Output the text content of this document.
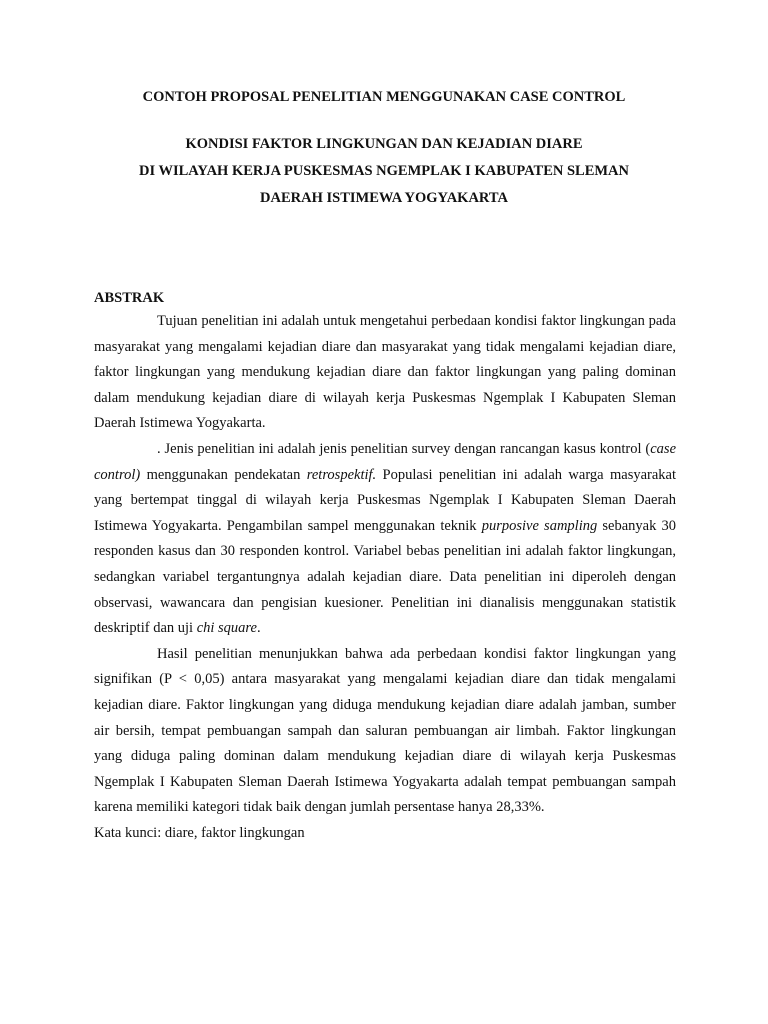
CONTOH PROPOSAL PENELITIAN MENGGUNAKAN CASE CONTROL
KONDISI FAKTOR LINGKUNGAN DAN KEJADIAN DIARE
DI WILAYAH KERJA PUSKESMAS NGEMPLAK I KABUPATEN SLEMAN
DAERAH ISTIMEWA YOGYAKARTA
ABSTRAK

Tujuan penelitian ini adalah untuk mengetahui perbedaan kondisi faktor lingkungan pada masyarakat yang mengalami kejadian diare dan masyarakat yang tidak mengalami kejadian diare, faktor lingkungan yang mendukung kejadian diare dan faktor lingkungan yang paling dominan dalam mendukung kejadian diare di wilayah kerja Puskesmas Ngemplak I Kabupaten Sleman Daerah Istimewa Yogyakarta.

. Jenis penelitian ini adalah jenis penelitian survey dengan rancangan kasus kontrol (case control) menggunakan pendekatan retrospektif. Populasi penelitian ini adalah warga masyarakat yang bertempat tinggal di wilayah kerja Puskesmas Ngemplak I Kabupaten Sleman Daerah Istimewa Yogyakarta. Pengambilan sampel menggunakan teknik purposive sampling sebanyak 30 responden kasus dan 30 responden kontrol. Variabel bebas penelitian ini adalah faktor lingkungan, sedangkan variabel tergantungnya adalah kejadian diare. Data penelitian ini diperoleh dengan observasi, wawancara dan pengisian kuesioner. Penelitian ini dianalisis menggunakan statistik deskriptif dan uji chi square.

Hasil penelitian menunjukkan bahwa ada perbedaan kondisi faktor lingkungan yang signifikan (P < 0,05) antara masyarakat yang mengalami kejadian diare dan tidak mengalami kejadian diare. Faktor lingkungan yang diduga mendukung kejadian diare adalah jamban, sumber air bersih, tempat pembuangan sampah dan saluran pembuangan air limbah. Faktor lingkungan yang diduga paling dominan dalam mendukung kejadian diare di wilayah kerja Puskesmas Ngemplak I Kabupaten Sleman Daerah Istimewa Yogyakarta adalah tempat pembuangan sampah karena memiliki kategori tidak baik dengan jumlah persentase hanya 28,33%.

Kata kunci: diare, faktor lingkungan
